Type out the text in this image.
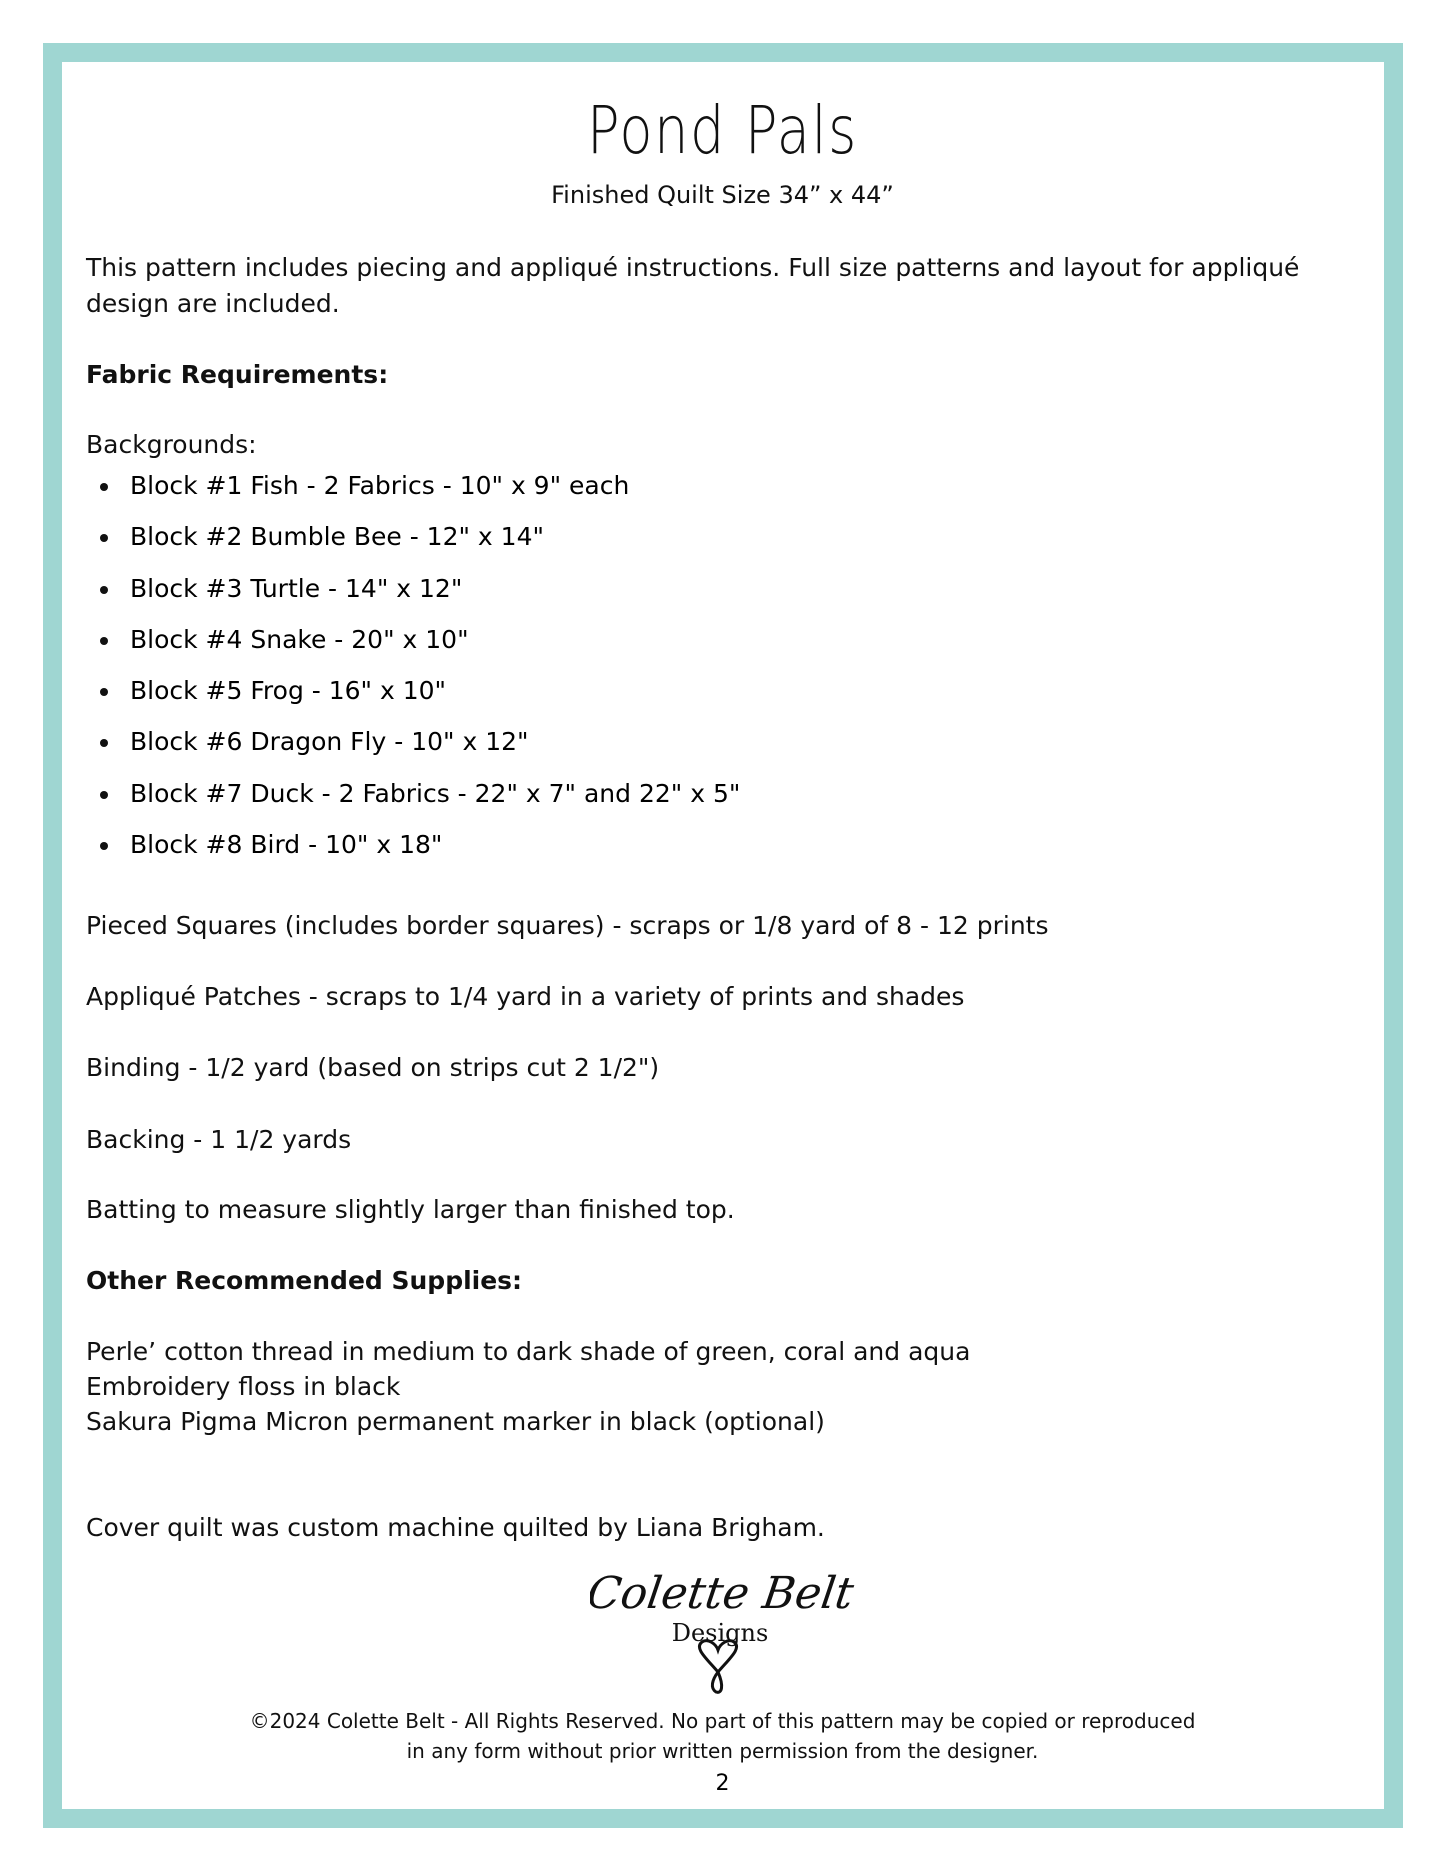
Pond Pals
Finished Quilt Size 34” x 44”
This pattern includes piecing and appliqué instructions. Full size patterns and layout for appliqué design are included.
Fabric Requirements:
Backgrounds:
Block #1 Fish - 2 Fabrics - 10" x 9" each
Block #2 Bumble Bee - 12" x 14"
Block #3 Turtle - 14" x 12"
Block #4 Snake - 20" x 10"
Block #5 Frog - 16" x 10"
Block #6 Dragon Fly - 10" x 12"
Block #7 Duck - 2 Fabrics - 22" x 7" and 22" x 5"
Block #8 Bird - 10" x 18"
Pieced Squares (includes border squares) - scraps or 1/8 yard of 8 - 12 prints
Appliqué Patches - scraps to 1/4 yard in a variety of prints and shades
Binding - 1/2 yard (based on strips cut 2 1/2")
Backing - 1 1/2 yards
Batting to measure slightly larger than finished top.
Other Recommended Supplies:
Perle’ cotton thread in medium to dark shade of green, coral and aqua
Embroidery floss in black
Sakura Pigma Micron permanent marker in black (optional)
Cover quilt was custom machine quilted by Liana Brigham.
Colette Belt
Designs
©2024 Colette Belt - All Rights Reserved. No part of this pattern may be copied or reproduced
in any form without prior written permission from the designer.
2
